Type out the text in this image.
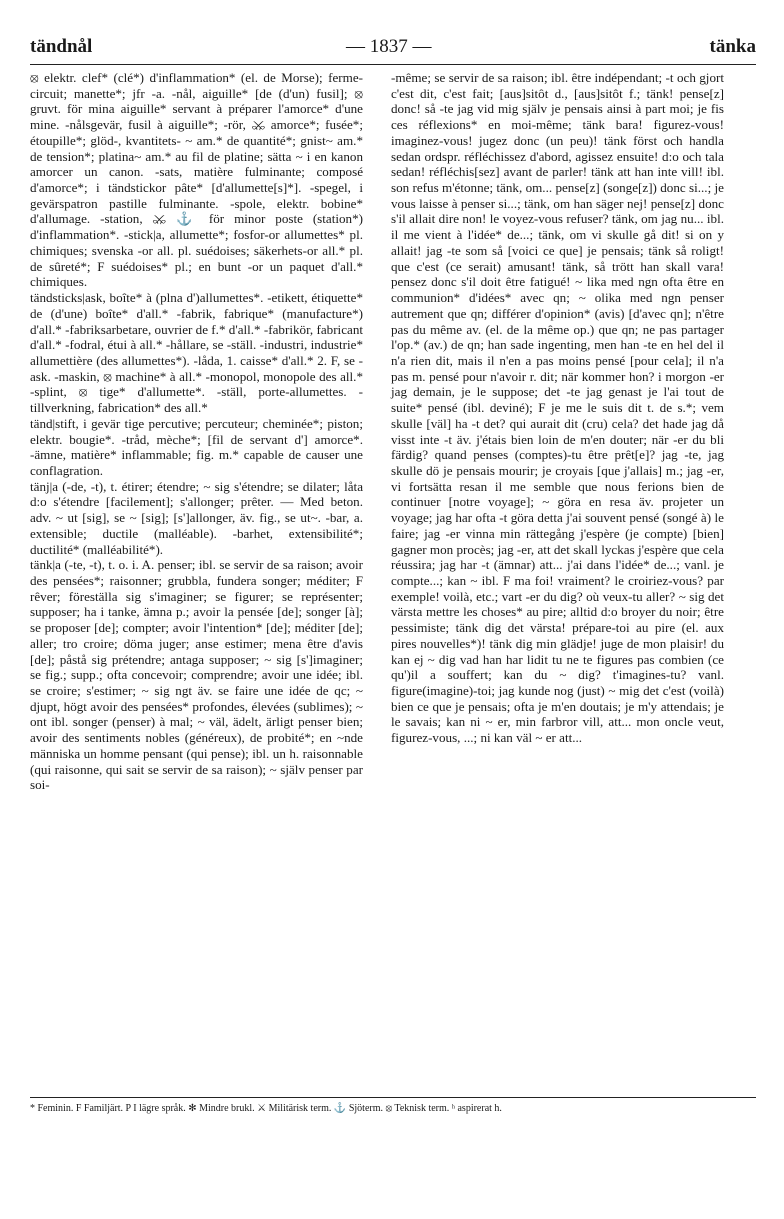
tändnål	— 1837 —	tänka

⦻ elektr. clef* (clé*) d'inflammation* (el. de Morse); ferme-circuit; manette*; jfr -a. -nål, aiguille* [de (d'un) fusil]; ⦻ gruvt. för mina aiguille* servant à préparer l'amorce* d'une mine. -nålsgevär, fusil à aiguille*; -rör, ⚔ amorce*; fusée*; étoupille*; glöd-, kvantitets- ~ am.* de quantité*; gnist~ am.* de tension*; platina~ am.* au fil de platine; sätta ~ i en kanon amorcer un canon. -sats, matière fulminante; composé d'amorce*; i tändstickor pâte* [d'allumette[s]*]. -spegel, i gevärspatron pastille fulminante. -spole, elektr. bobine* d'allumage. -station, ⚔ ⚓ för minor poste (station*) d'inflammation*. -stick|a, allumette*; fosfor-or allumettes* pl. chimiques; svenska -or all. pl. suédoises; säkerhets-or all.* pl. de sûreté*; F suédoises* pl.; en bunt -or un paquet d'all.* chimiques.

tändsticks|ask, boîte* à (plna d')allumettes*. -etikett, étiquette* de (d'une) boîte* d'all.* -fabrik, fabrique* (manufacture*) d'all.* -fabriksarbetare, ouvrier de f.* d'all.* -fabrikör, fabricant d'all.* -fodral, étui à all.* -hållare, se -ställ. -industri, industrie* allumettière (des allumettes*). -låda, 1. caisse* d'all.* 2. F, se -ask. -maskin, ⦻ machine* à all.* -monopol, monopole des all.* -splint, ⦻ tige* d'allumette*. -ställ, porte-allumettes. -tillverkning, fabrication* des all.*

tänd|stift, i gevär tige percutive; percuteur; cheminée*; piston; elektr. bougie*. -tråd, mèche*; [fil de servant d'] amorce*. -ämne, matière* inflammable; fig. m.* capable de causer une conflagration.

tänj|a (-de, -t), t. étirer; étendre; ~ sig s'étendre; se dilater; låta d:o s'étendre [facilement]; s'allonger; prêter. — Med beton. adv. ~ ut [sig], se ~ [sig]; [s']allonger, äv. fig., se ut~. -bar, a. extensible; ductile (malléable). -barhet, extensibilité*; ductilité* (malléabilité*).

tänk|a (-te, -t), t. o. i. A. penser; ibl. se servir de sa raison; avoir des pensées*; raisonner; grubbla, fundera songer; méditer; F rêver; föreställa sig s'imaginer; se figurer; se représenter; supposer; ha i tanke, ämna p.; avoir la pensée [de]; songer [à]; se proposer [de]; compter; avoir l'intention* [de]; méditer [de]; aller; tro croire; döma juger; anse estimer; mena être d'avis [de]; påstå sig prétendre; antaga supposer; ~ sig [s']imaginer; se fig.; supp.; ofta concevoir; comprendre; avoir une idée; ibl. se croire; s'estimer; ~ sig ngt äv. se faire une idée de qc; ~ djupt, högt avoir des pensées* profondes, élevées (sublimes); ~ ont ibl. songer (penser) à mal; ~ väl, ädelt, ärligt penser bien; avoir des sentiments nobles (généreux), de probité*; en ~nde människa un homme pensant (qui pense); ibl. un h. raisonnable (qui raisonne, qui sait se servir de sa raison); ~ själv penser par soi-

-même; se servir de sa raison; ibl. être indépendant; -t och gjort c'est dit, c'est fait; [aus]sitôt d., [aus]sitôt f.; tänk! pense[z] donc! så -te jag vid mig själv je pensais ainsi à part moi; je fis ces réflexions* en moi-même; tänk bara! figurez-vous! imaginez-vous! jugez donc (un peu)! tänk först och handla sedan ordspr. réfléchissez d'abord, agissez ensuite! d:o och tala sedan! réfléchis[sez] avant de parler! tänk att han inte vill! ibl. son refus m'étonne; tänk, om... pense[z] (songe[z]) donc si...; je vous laisse à penser si...; tänk, om han säger nej! pense[z] donc s'il allait dire non! le voyez-vous refuser? tänk, om jag nu... ibl. il me vient à l'idée* de...; tänk, om vi skulle gå dit! si on y allait! jag -te som så [voici ce que] je pensais; tänk så roligt! que c'est (ce serait) amusant! tänk, så trött han skall vara! pensez donc s'il doit être fatigué! ~ lika med ngn ofta être en communion* d'idées* avec qn; ~ olika med ngn penser autrement que qn; différer d'opinion* (avis) [d'avec qn]; n'être pas du même av. (el. de la même op.) que qn; ne pas partager l'op.* (av.) de qn; han sade ingenting, men han -te en hel del il n'a rien dit, mais il n'en a pas moins pensé [pour cela]; il n'a pas m. pensé pour n'avoir r. dit; när kommer hon? i morgon -er jag demain, je le suppose; det -te jag genast je l'ai tout de suite* pensé (ibl. deviné); F je me le suis dit t. de s.*; vem skulle [väl] ha -t det? qui aurait dit (cru) cela? det hade jag då visst inte -t äv. j'étais bien loin de m'en douter; när -er du bli färdig? quand penses (comptes)-tu être prêt[e]? jag -te, jag skulle dö je pensais mourir; je croyais [que j'allais] m.; jag -er, vi fortsätta resan il me semble que nous ferions bien de continuer [notre voyage]; ~ göra en resa äv. projeter un voyage; jag har ofta -t göra detta j'ai souvent pensé (songé à) le faire; jag -er vinna min rättegång j'espère (je compte) [bien] gagner mon procès; jag -er, att det skall lyckas j'espère que cela réussira; jag har -t (ämnar) att... j'ai dans l'idée* de...; vanl. je compte...; kan ~ ibl. F ma foi! vraiment? le croiriez-vous? par exemple! voilà, etc.; vart -er du dig? où veux-tu aller? ~ sig det värsta mettre les choses* au pire; alltid d:o broyer du noir; être pessimiste; tänk dig det värsta! prépare-toi au pire (el. aux pires nouvelles*)! tänk dig min glädje! juge de mon plaisir! du kan ej ~ dig vad han har lidit tu ne te figures pas combien (ce qu')il a souffert; kan du ~ dig? t'imagines-tu? vanl. figure(imagine)-toi; jag kunde nog (just) ~ mig det c'est (voilà) bien ce que je pensais; ofta je m'en doutais; je m'y attendais; je le savais; kan ni ~ er, min farbror vill, att... mon oncle veut, figurez-vous, ...; ni kan väl ~ er att...

* Feminin. F Familjärt. P I lägre språk. ✻ Mindre brukl. ⚔ Militärisk term. ⚓ Sjöterm. ⦻ Teknisk term. ʰ aspirerat h.
